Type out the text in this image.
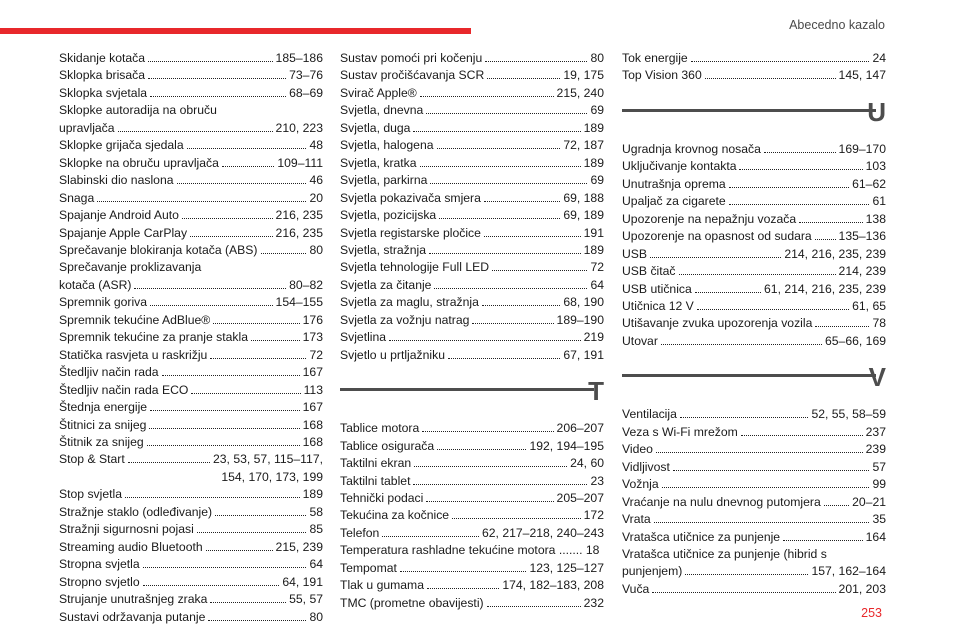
Abecedno kazalo
Skidanje kotača	185–186
Sklopka brisača	73–76
Sklopka svjetala	68–69
Sklopke autoradija na obruču
upravljača	210, 223
Sklopke grijača sjedala	48
Sklopke na obruču upravljača	109–111
Slabinski dio naslona	46
Snaga	20
Spajanje Android Auto	216, 235
Spajanje Apple CarPlay	216, 235
Sprečavanje blokiranja kotača (ABS)	80
Sprečavanje proklizavanja
kotača (ASR)	80–82
Spremnik goriva	154–155
Spremnik tekućine AdBlue®	176
Spremnik tekućine za pranje stakla	173
Statička rasvjeta u raskrižju	72
Štedljiv način rada	167
Štedljiv način rada ECO	113
Štednja energije	167
Štitnici za snijeg	168
Štitnik za snijeg	168
Stop & Start	23, 53, 57, 115–117,
154, 170, 173, 199
Stop svjetla	189
Stražnje staklo (odleđivanje)	58
Stražnji sigurnosni pojasi	85
Streaming audio Bluetooth	215, 239
Stropna svjetla	64
Stropno svjetlo	64, 191
Strujanje unutrašnjeg zraka	55, 57
Sustavi održavanja putanje	80
Sustav pomoći pri kočenju	80
Sustav pročišćavanja SCR	19, 175
Svirač Apple®	215, 240
Svjetla, dnevna	69
Svjetla, duga	189
Svjetla, halogena	72, 187
Svjetla, kratka	189
Svjetla, parkirna	69
Svjetla pokazivača smjera	69, 188
Svjetla, pozicijska	69, 189
Svjetla registarske pločice	191
Svjetla, stražnja	189
Svjetla tehnologije Full LED	72
Svjetla za čitanje	64
Svjetla za maglu, stražnja	68, 190
Svjetla za vožnju natrag	189–190
Svjetlina	219
Svjetlo u prtljažniku	67, 191
T
Tablice motora	206–207
Tablice osigurača	192, 194–195
Taktilni ekran	24, 60
Taktilni tablet	23
Tehnički podaci	205–207
Tekućina za kočnice	172
Telefon	62, 217–218, 240–243
Temperatura rashladne tekućine motora ....... 18
Tempomat	123, 125–127
Tlak u gumama	174, 182–183, 208
TMC (prometne obavijesti)	232
Tok energije	24
Top Vision 360	145, 147
U
Ugradnja krovnog nosača	169–170
Uključivanje kontakta	103
Unutrašnja oprema	61–62
Upaljač za cigarete	61
Upozorenje na nepažnju vozača	138
Upozorenje na opasnost od sudara 135–136
USB	214, 216, 235, 239
USB čitač	214, 239
USB utičnica	61, 214, 216, 235, 239
Utičnica 12 V	61, 65
Utišavanje zvuka upozorenja vozila	78
Utovar	65–66, 169
V
Ventilacija	52, 55, 58–59
Veza s Wi-Fi mrežom	237
Video	239
Vidljivost	57
Vožnja	99
Vraćanje na nulu dnevnog putomjera	20–21
Vrata	35
Vratašca utičnice za punjenje	164
Vratašca utičnice za punjenje (hibrid s
punjenjem)	157, 162–164
Vuča	201, 203
253
